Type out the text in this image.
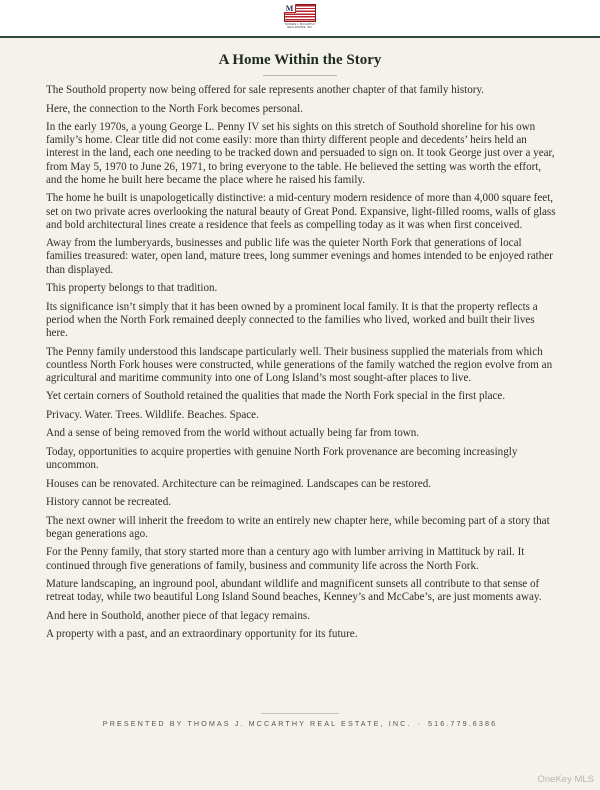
M
THOMAS J. MCCARTHY
REAL ESTATE, INC.
A Home Within the Story

The Southold property now being offered for sale represents another chapter of that family history.

Here, the connection to the North Fork becomes personal.

In the early 1970s, a young George L. Penny IV set his sights on this stretch of Southold shoreline for his own family’s home. Clear title did not come easily: more than thirty different people and decedents’ heirs held an interest in the land, each one needing to be tracked down and persuaded to sign on. It took George just over a year, from May 5, 1970 to June 26, 1971, to bring everyone to the table. He believed the setting was worth the effort, and the home he built here became the place where he raised his family.

The home he built is unapologetically distinctive: a mid-century modern residence of more than 4,000 square feet, set on two private acres overlooking the natural beauty of Great Pond. Expansive, light-filled rooms, walls of glass and bold architectural lines create a residence that feels as compelling today as it was when first conceived.

Away from the lumberyards, businesses and public life was the quieter North Fork that generations of local families treasured: water, open land, mature trees, long summer evenings and homes intended to be enjoyed rather than displayed.

This property belongs to that tradition.

Its significance isn’t simply that it has been owned by a prominent local family. It is that the property reflects a period when the North Fork remained deeply connected to the families who lived, worked and built their lives here.

The Penny family understood this landscape particularly well. Their business supplied the materials from which countless North Fork houses were constructed, while generations of the family watched the region evolve from an agricultural and maritime community into one of Long Island’s most sought-after places to live.

Yet certain corners of Southold retained the qualities that made the North Fork special in the first place.

Privacy. Water. Trees. Wildlife. Beaches. Space.

And a sense of being removed from the world without actually being far from town.

Today, opportunities to acquire properties with genuine North Fork provenance are becoming increasingly uncommon.

Houses can be renovated. Architecture can be reimagined. Landscapes can be restored.

History cannot be recreated.

The next owner will inherit the freedom to write an entirely new chapter here, while becoming part of a story that began generations ago.

For the Penny family, that story started more than a century ago with lumber arriving in Mattituck by rail. It continued through five generations of family, business and community life across the North Fork.

Mature landscaping, an inground pool, abundant wildlife and magnificent sunsets all contribute to that sense of retreat today, while two beautiful Long Island Sound beaches, Kenney’s and McCabe’s, are just moments away.

And here in Southold, another piece of that legacy remains.

A property with a past, and an extraordinary opportunity for its future.

PRESENTED BY THOMAS J. MCCARTHY REAL ESTATE, INC. · 516.779.6386
OneKey MLS
